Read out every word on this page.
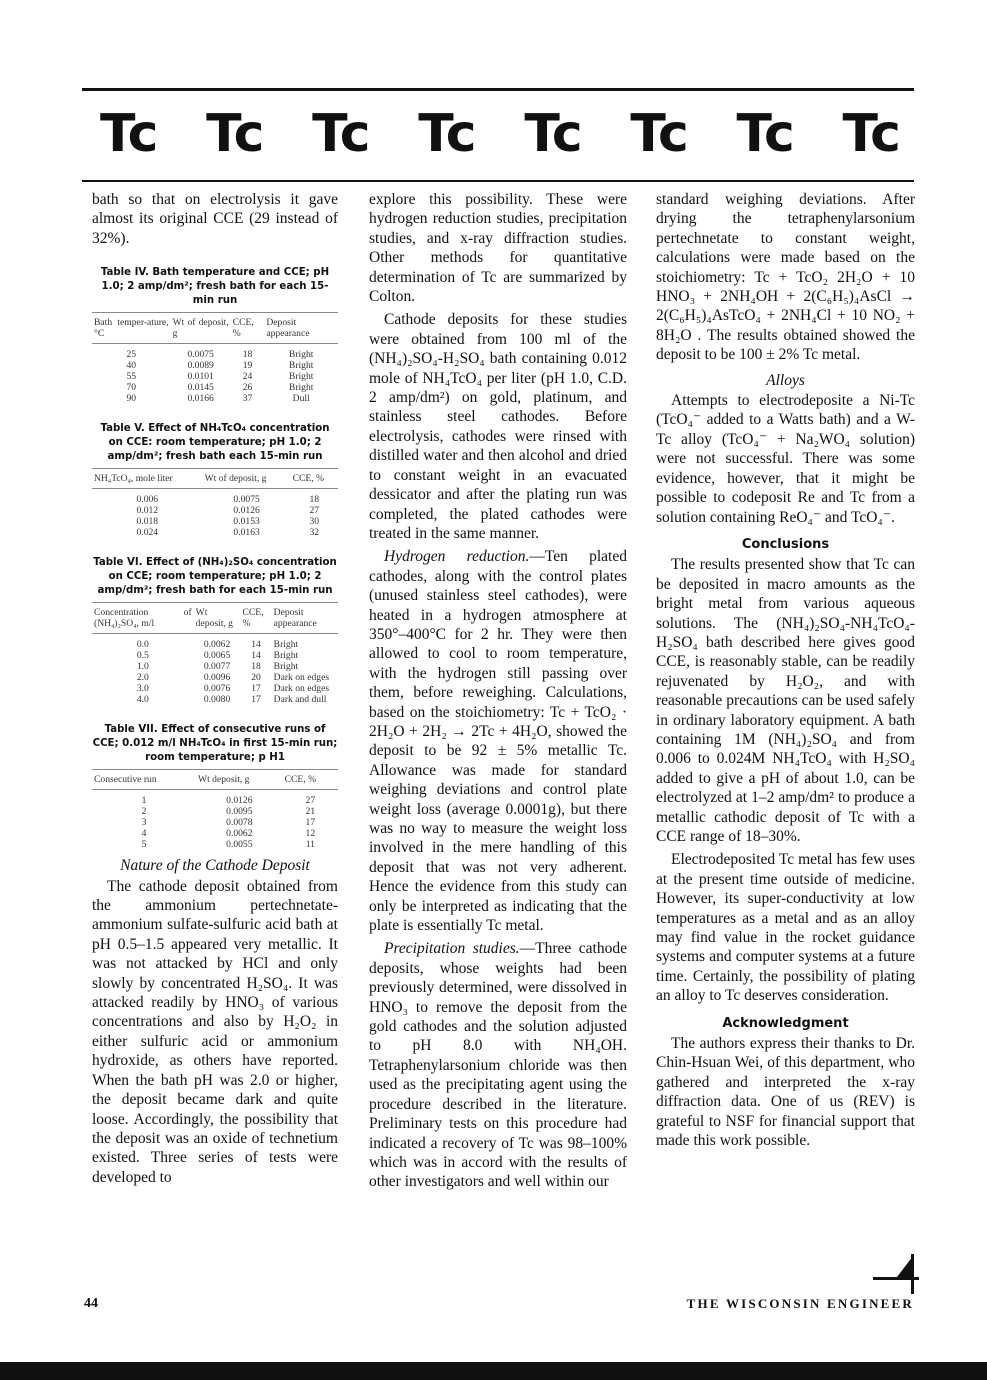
Tc Tc Tc Tc Tc Tc Tc Tc

bath so that on electrolysis it gave almost its original CCE (29 instead of 32%).

Table IV. Bath temperature and CCE; pH 1.0; 2 amp/dm²; fresh bath for each 15-min run
Bath temper-ature, °C	Wt of deposit, g	CCE, %	Deposit appearance
25	0.0075	18	Bright
40	0.0089	19	Bright
55	0.0101	24	Bright
70	0.0145	26	Bright
90	0.0166	37	Dull
Table V. Effect of NH₄TcO₄ concentration on CCE: room temperature; pH 1.0; 2 amp/dm²; fresh bath each 15-min run
NH₄TcO₄, mole liter	Wt of deposit, g	CCE, %
0.006	0.0075	18
0.012	0.0126	27
0.018	0.0153	30
0.024	0.0163	32
Table VI. Effect of (NH₄)₂SO₄ concentration on CCE; room temperature; pH 1.0; 2 amp/dm²; fresh bath for each 15-min run
Concentration of (NH₄)₂SO₄, m/l	Wt deposit, g	CCE, %	Deposit appearance
0.0	0.0062	14	Bright
0.5	0.0065	14	Bright
1.0	0.0077	18	Bright
2.0	0.0096	20	Dark on edges
3.0	0.0076	17	Dark on edges
4.0	0.0080	17	Dark and dull
Table VII. Effect of consecutive runs of CCE; 0.012 m/l NH₄TcO₄ in first 15-min run; room temperature; p H1
Consecutive run	Wt deposit, g	CCE, %
1	0.0126	27
2	0.0095	21
3	0.0078	17
4	0.0062	12
5	0.0055	11
Nature of the Cathode Deposit

The cathode deposit obtained from the ammonium pertechnetate-ammonium sulfate-sulfuric acid bath at pH 0.5–1.5 appeared very metallic. It was not attacked by HCl and only slowly by concentrated H₂SO₄. It was attacked readily by HNO₃ of various concentrations and also by H₂O₂ in either sulfuric acid or ammonium hydroxide, as others have reported. When the bath pH was 2.0 or higher, the deposit became dark and quite loose. Accordingly, the possibility that the deposit was an oxide of technetium existed. Three series of tests were developed to

explore this possibility. These were hydrogen reduction studies, precipitation studies, and x-ray diffraction studies. Other methods for quantitative determination of Tc are summarized by Colton.

Cathode deposits for these studies were obtained from 100 ml of the (NH₄)₂SO₄-H₂SO₄ bath containing 0.012 mole of NH₄TcO₄ per liter (pH 1.0, C.D. 2 amp/dm²) on gold, platinum, and stainless steel cathodes. Before electrolysis, cathodes were rinsed with distilled water and then alcohol and dried to constant weight in an evacuated dessicator and after the plating run was completed, the plated cathodes were treated in the same manner.

Hydrogen reduction.—Ten plated cathodes, along with the control plates (unused stainless steel cathodes), were heated in a hydrogen atmosphere at 350°–400°C for 2 hr. They were then allowed to cool to room temperature, with the hydrogen still passing over them, before reweighing. Calculations, based on the stoichiometry: Tc + TcO₂ · 2H₂O + 2H₂ → 2Tc + 4H₂O, showed the deposit to be 92 ± 5% metallic Tc. Allowance was made for standard weighing deviations and control plate weight loss (average 0.0001g), but there was no way to measure the weight loss involved in the mere handling of this deposit that was not very adherent. Hence the evidence from this study can only be interpreted as indicating that the plate is essentially Tc metal.

Precipitation studies.—Three cathode deposits, whose weights had been previously determined, were dissolved in HNO₃ to remove the deposit from the gold cathodes and the solution adjusted to pH 8.0 with NH₄OH. Tetraphenylarsonium chloride was then used as the precipitating agent using the procedure described in the literature. Preliminary tests on this procedure had indicated a recovery of Tc was 98–100% which was in accord with the results of other investigators and well within our

standard weighing deviations. After drying the tetraphenylarsonium pertechnetate to constant weight, calculations were made based on the stoichiometry: Tc + TcO₂ 2H₂O + 10 HNO₃ + 2NH₄OH + 2(C₆H₅)₄AsCl → 2(C₆H₅)₄AsTcO₄ + 2NH₄Cl + 10 NO₂ + 8H₂O . The results obtained showed the deposit to be 100 ± 2% Tc metal.

Alloys

Attempts to electrodeposite a Ni-Tc (TcO₄⁻ added to a Watts bath) and a W-Tc alloy (TcO₄⁻ + Na₂WO₄ solution) were not successful. There was some evidence, however, that it might be possible to codeposit Re and Tc from a solution containing ReO₄⁻ and TcO₄⁻.

Conclusions

The results presented show that Tc can be deposited in macro amounts as the bright metal from various aqueous solutions. The (NH₄)₂SO₄-NH₄TcO₄-H₂SO₄ bath described here gives good CCE, is reasonably stable, can be readily rejuvenated by H₂O₂, and with reasonable precautions can be used safely in ordinary laboratory equipment. A bath containing 1M (NH₄)₂SO₄ and from 0.006 to 0.024M NH₄TcO₄ with H₂SO₄ added to give a pH of about 1.0, can be electrolyzed at 1–2 amp/dm² to produce a metallic cathodic deposit of Tc with a CCE range of 18–30%.

Electrodeposited Tc metal has few uses at the present time outside of medicine. However, its super-conductivity at low temperatures as a metal and as an alloy may find value in the rocket guidance systems and computer systems at a future time. Certainly, the possibility of plating an alloy to Tc deserves consideration.

Acknowledgment

The authors express their thanks to Dr. Chin-Hsuan Wei, of this department, who gathered and interpreted the x-ray diffraction data. One of us (REV) is grateful to NSF for financial support that made this work possible.

44	THE WISCONSIN ENGINEER
